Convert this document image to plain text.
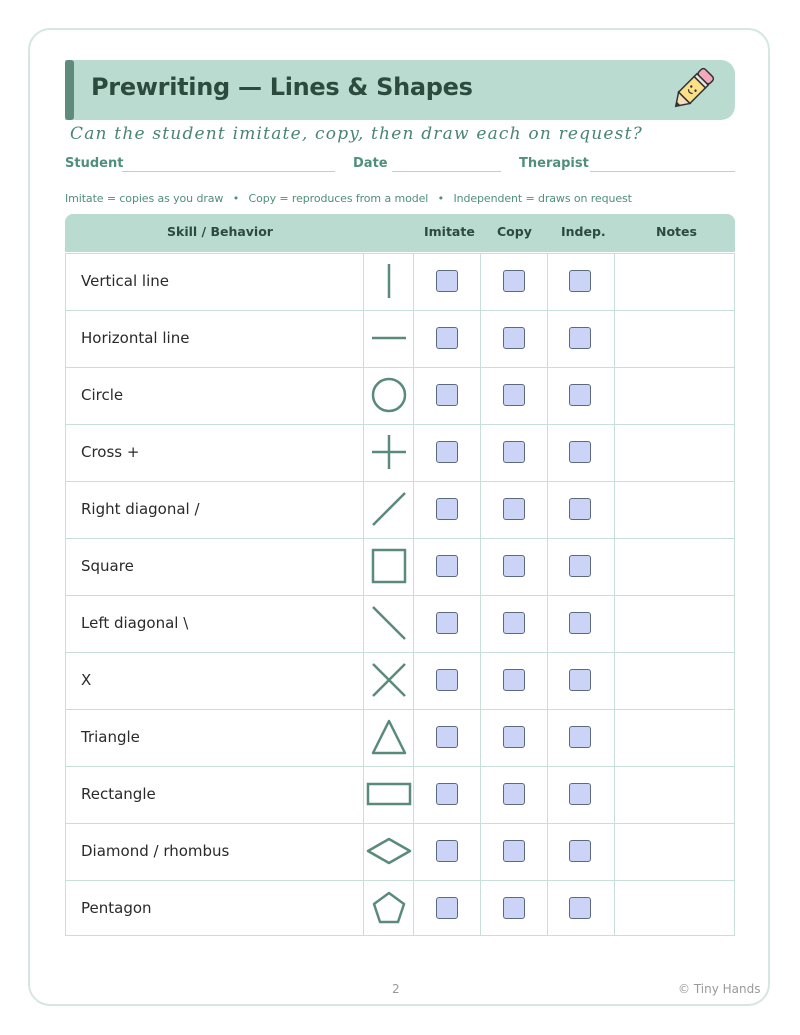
Prewriting — Lines & Shapes
Can the student imitate, copy, then draw each on request?
Student	Date	Therapist
Imitate = copies as you draw • Copy = reproduces from a model • Independent = draws on request
Skill / Behavior	Imitate Copy Indep.	Notes
Vertical line
Horizontal line
Circle
Cross +
Right diagonal /
Square
Left diagonal \
X
Triangle
Rectangle
Diamond / rhombus
Pentagon
2	© Tiny Hands
